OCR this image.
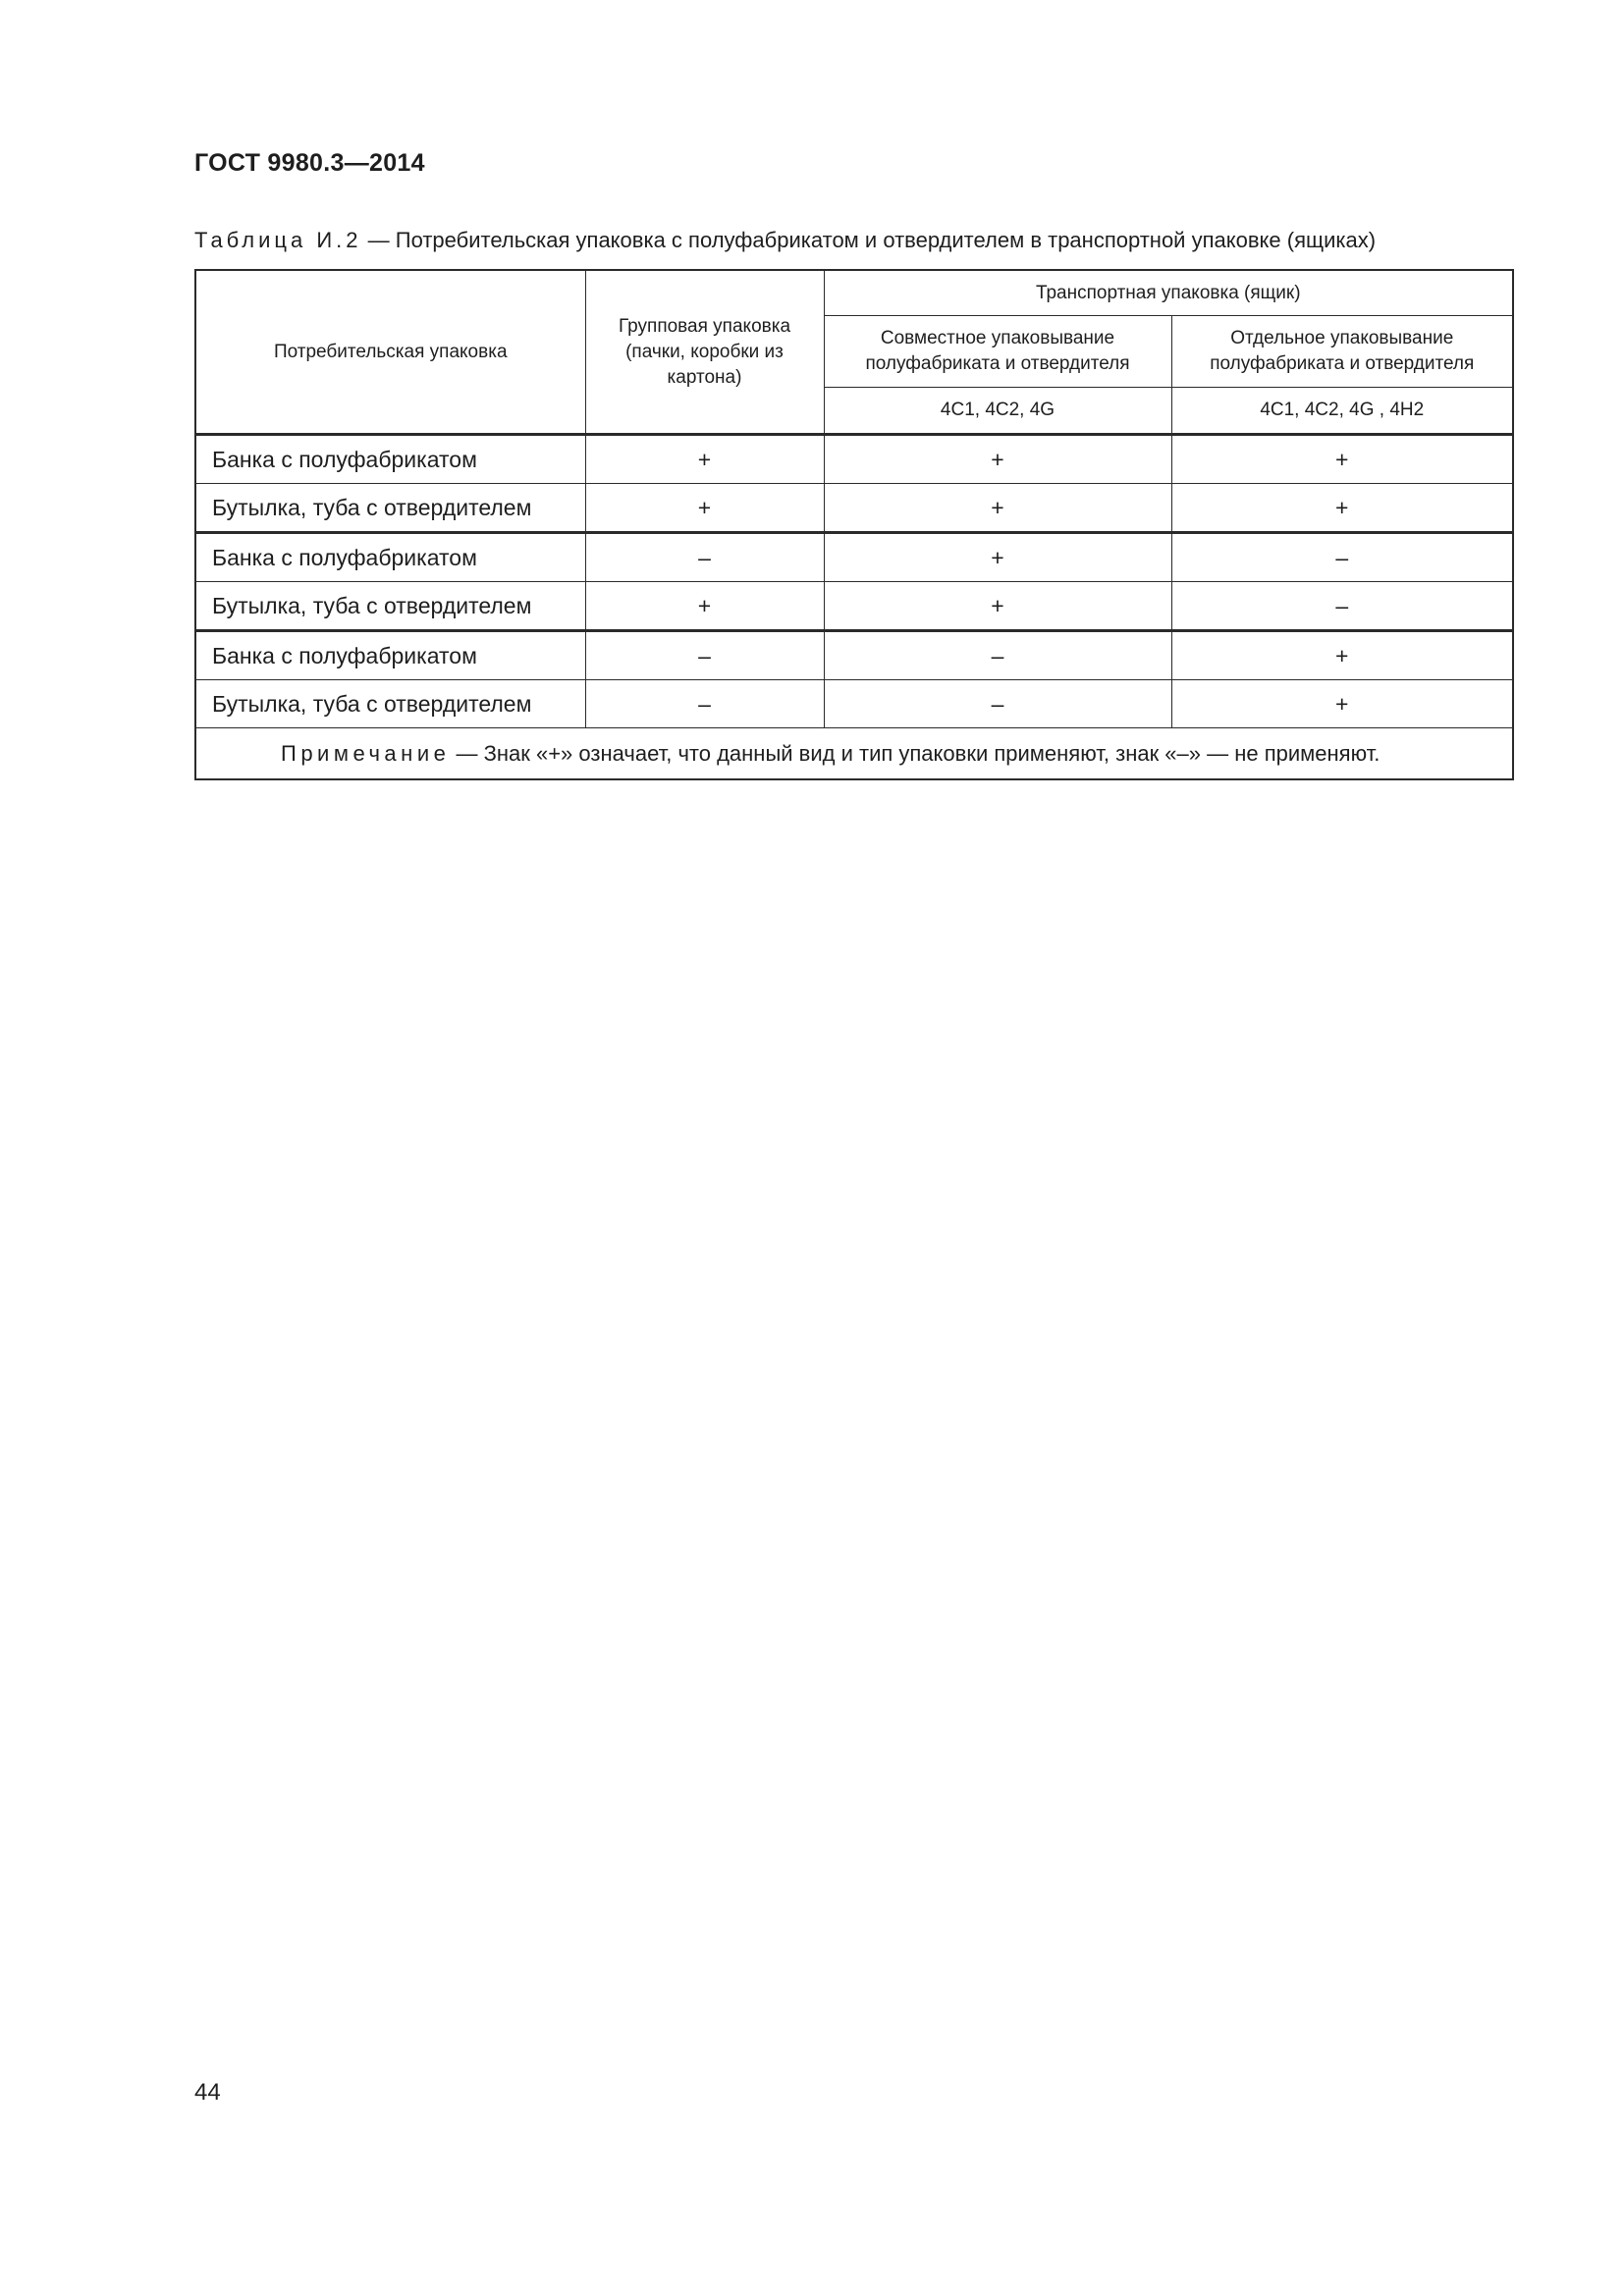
ГОСТ 9980.3—2014
Таблица И.2 — Потребительская упаковка с полуфабрикатом и отвердителем в транспортной упаковке (ящиках)
Потребительская упаковка	Групповая упаковка (пачки, коробки из картона)	Транспортная упаковка (ящик)	
		Совместное упаковывание полуфабриката и отвердителя	Отдельное упаковывание полуфабриката и отвердителя
		4C1, 4C2, 4G	4C1, 4C2, 4G , 4H2
Банка с полуфабрикатом	+	+	+
Бутылка, туба с отвердителем	+	+	+
Банка с полуфабрикатом	–	+	–
Бутылка, туба с отвердителем	+	+	–
Банка с полуфабрикатом	–	–	+
Бутылка, туба с отвердителем	–	–	+
Примечание — Знак «+» означает, что данный вид и тип упаковки применяют, знак «–» — не применяют.			
44
